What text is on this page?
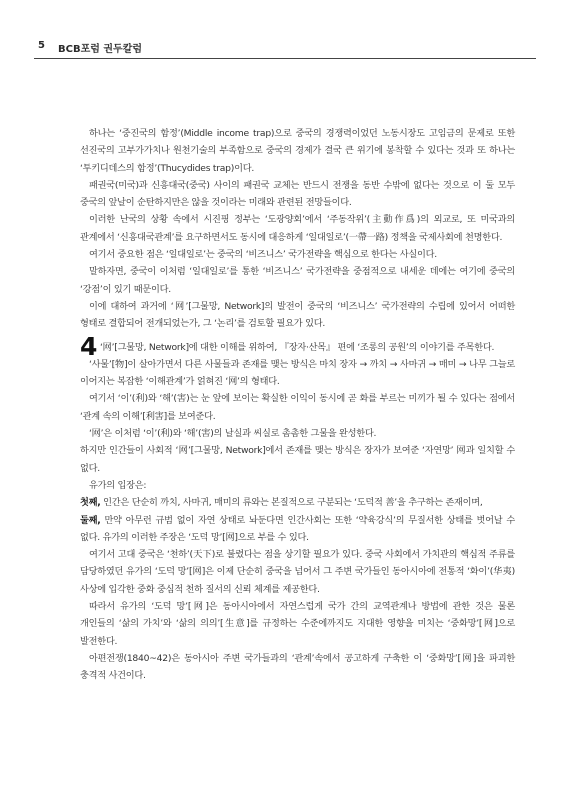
5 BCB포럼 권두칼럼

하나는 ‘중진국의 함정’(Middle income trap)으로 중국의 경쟁력이었던 노동시장도 고임금의 문제로 또한 선진국의 고부가가치나 원천기술의 부족함으로 중국의 경제가 결국 큰 위기에 봉착할 수 있다는 것과 또 하나는 ‘투키디데스의 함정’(Thucydides trap)이다.

패권국(미국)과 신흥대국(중국) 사이의 패권국 교체는 반드시 전쟁을 동반 수밖에 없다는 것으로 이 둘 모두 중국의 앞날이 순탄하지만은 않을 것이라는 미래와 관련된 전망들이다.

이러한 난국의 상황 속에서 시진핑 정부는 ‘도광양회’에서 ‘주동작위’(主動作爲)의 외교로, 또 미국과의 관계에서 ‘신흥대국관계’를 요구하면서도 동시에 대응하게 ‘일대일로’(一帶一路) 정책을 국제사회에 천명한다.

여기서 중요한 점은 ‘일대일로’는 중국의 ‘비즈니스’ 국가전략을 핵심으로 한다는 사실이다.

말하자면, 중국이 이처럼 ‘일대일로’를 통한 ‘비즈니스’ 국가전략을 중점적으로 내세운 데에는 여기에 중국의 ‘강점’이 있기 때문이다.

이에 대하여 과거에 ‘网’[그물망, Network]의 발전이 중국의 ‘비즈니스’ 국가전략의 수립에 있어서 어떠한 형태로 결합되어 전개되었는가, 그 ‘논리’를 검토할 필요가 있다.

4 ‘网’[그물망, Network]에 대한 이해를 위하여, 『장자·산목』 편에 ‘조롱의 공원’의 이야기를 주목한다.

‘사물’[物]이 살아가면서 다른 사물들과 존재를 맺는 방식은 마치 장자 → 까치 → 사마귀 → 매미 → 나무 그늘로 이어지는 복잡한 ‘이해관계’가 얽혀진 ‘网’의 형태다.

여기서 ‘이’(利)와 ‘해’(害)는 눈 앞에 보이는 확실한 이익이 동시에 곧 화를 부르는 미끼가 될 수 있다는 점에서 ‘관계 속의 이해’[利害]를 보여준다.

‘网’은 이처럼 ‘이’(利)와 ‘해’(害)의 날실과 씨실로 촘촘한 그물을 완성한다.

하지만 인간들이 사회적 ‘网’[그물망, Network]에서 존재를 맺는 방식은 장자가 보여준 ‘자연망’ 网과 일치할 수 없다.

유가의 입장은:

첫째, 인간은 단순히 까치, 사마귀, 매미의 류와는 본질적으로 구분되는 ‘도덕적 善’을 추구하는 존재이며,

둘째, 만약 아무런 규범 없이 자연 상태로 놔둔다면 인간사회는 또한 ‘약육강식’의 무질서한 상태를 벗어날 수 없다. 유가의 이러한 주장은 ‘도덕 망’[网]으로 부를 수 있다.

여기서 고대 중국은 ‘천하’(天下)로 불렸다는 점을 상기할 필요가 있다. 중국 사회에서 가치관의 핵심적 주류를 담당하였던 유가의 ‘도덕 망’[网]은 이제 단순히 중국을 넘어서 그 주변 국가들인 동아시아에 전통적 ‘화이’(华夷) 사상에 입각한 중화 중심적 천하 질서의 신뢰 체계를 제공한다.

따라서 유가의 ‘도덕 망’[网]은 동아시아에서 자연스럽게 국가 간의 교역관계나 방법에 관한 것은 물론 개인들의 ‘삶의 가치’와 ‘삶의 의의’[生意]를 규정하는 수준에까지도 지대한 영향을 미치는 ‘중화망’[网]으로 발전한다.

아편전쟁(1840~42)은 동아시아 주변 국가들과의 ‘관계’속에서 공고하게 구축한 이 ‘중화망’[网]을 파괴한 충격적 사건이다.
